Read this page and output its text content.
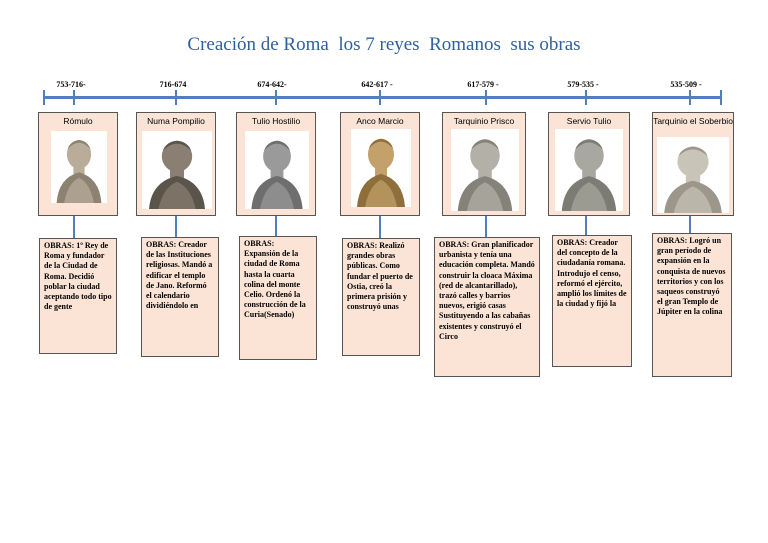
Creación de Roma  los 7 reyes  Romanos  sus obras
753-716-
Rómulo
OBRAS: 1º Rey de Roma y fundador de la Ciudad de Roma. Decidió poblar la ciudad aceptando todo tipo de gente
716-674
Numa Pompilio
OBRAS: Creador de las Instituciones religiosas. Mandó a edificar el templo de Jano. Reformó el calendario dividiéndolo en
674-642-
Tulio Hostilio
OBRAS: Expansión de la ciudad de Roma hasta la cuarta colina del monte Celio. Ordenó la construcción de la Curia(Senado)
642-617 -
Anco Marcio
OBRAS: Realizó grandes obras públicas. Como fundar el puerto de Ostia, creó la primera prisión y construyó unas
617-579 -
Tarquinio Prisco
OBRAS: Gran planificador urbanista y tenía una educación completa. Mandó construir la cloaca Máxima (red de alcantarillado), trazó calles y barrios nuevos, erigió casas Sustituyendo a las cabañas existentes y construyó el Circo
579-535 -
Servio Tulio
OBRAS: Creador del concepto de la ciudadanía romana. Introdujo el censo, reformó el ejército, amplió los límites de la ciudad y fijó la
535-509 -
Tarquinio el Soberbio
OBRAS: Logró un gran período de expansión en la conquista de nuevos territorios y con los saqueos construyó el gran Templo de Júpiter en la colina
